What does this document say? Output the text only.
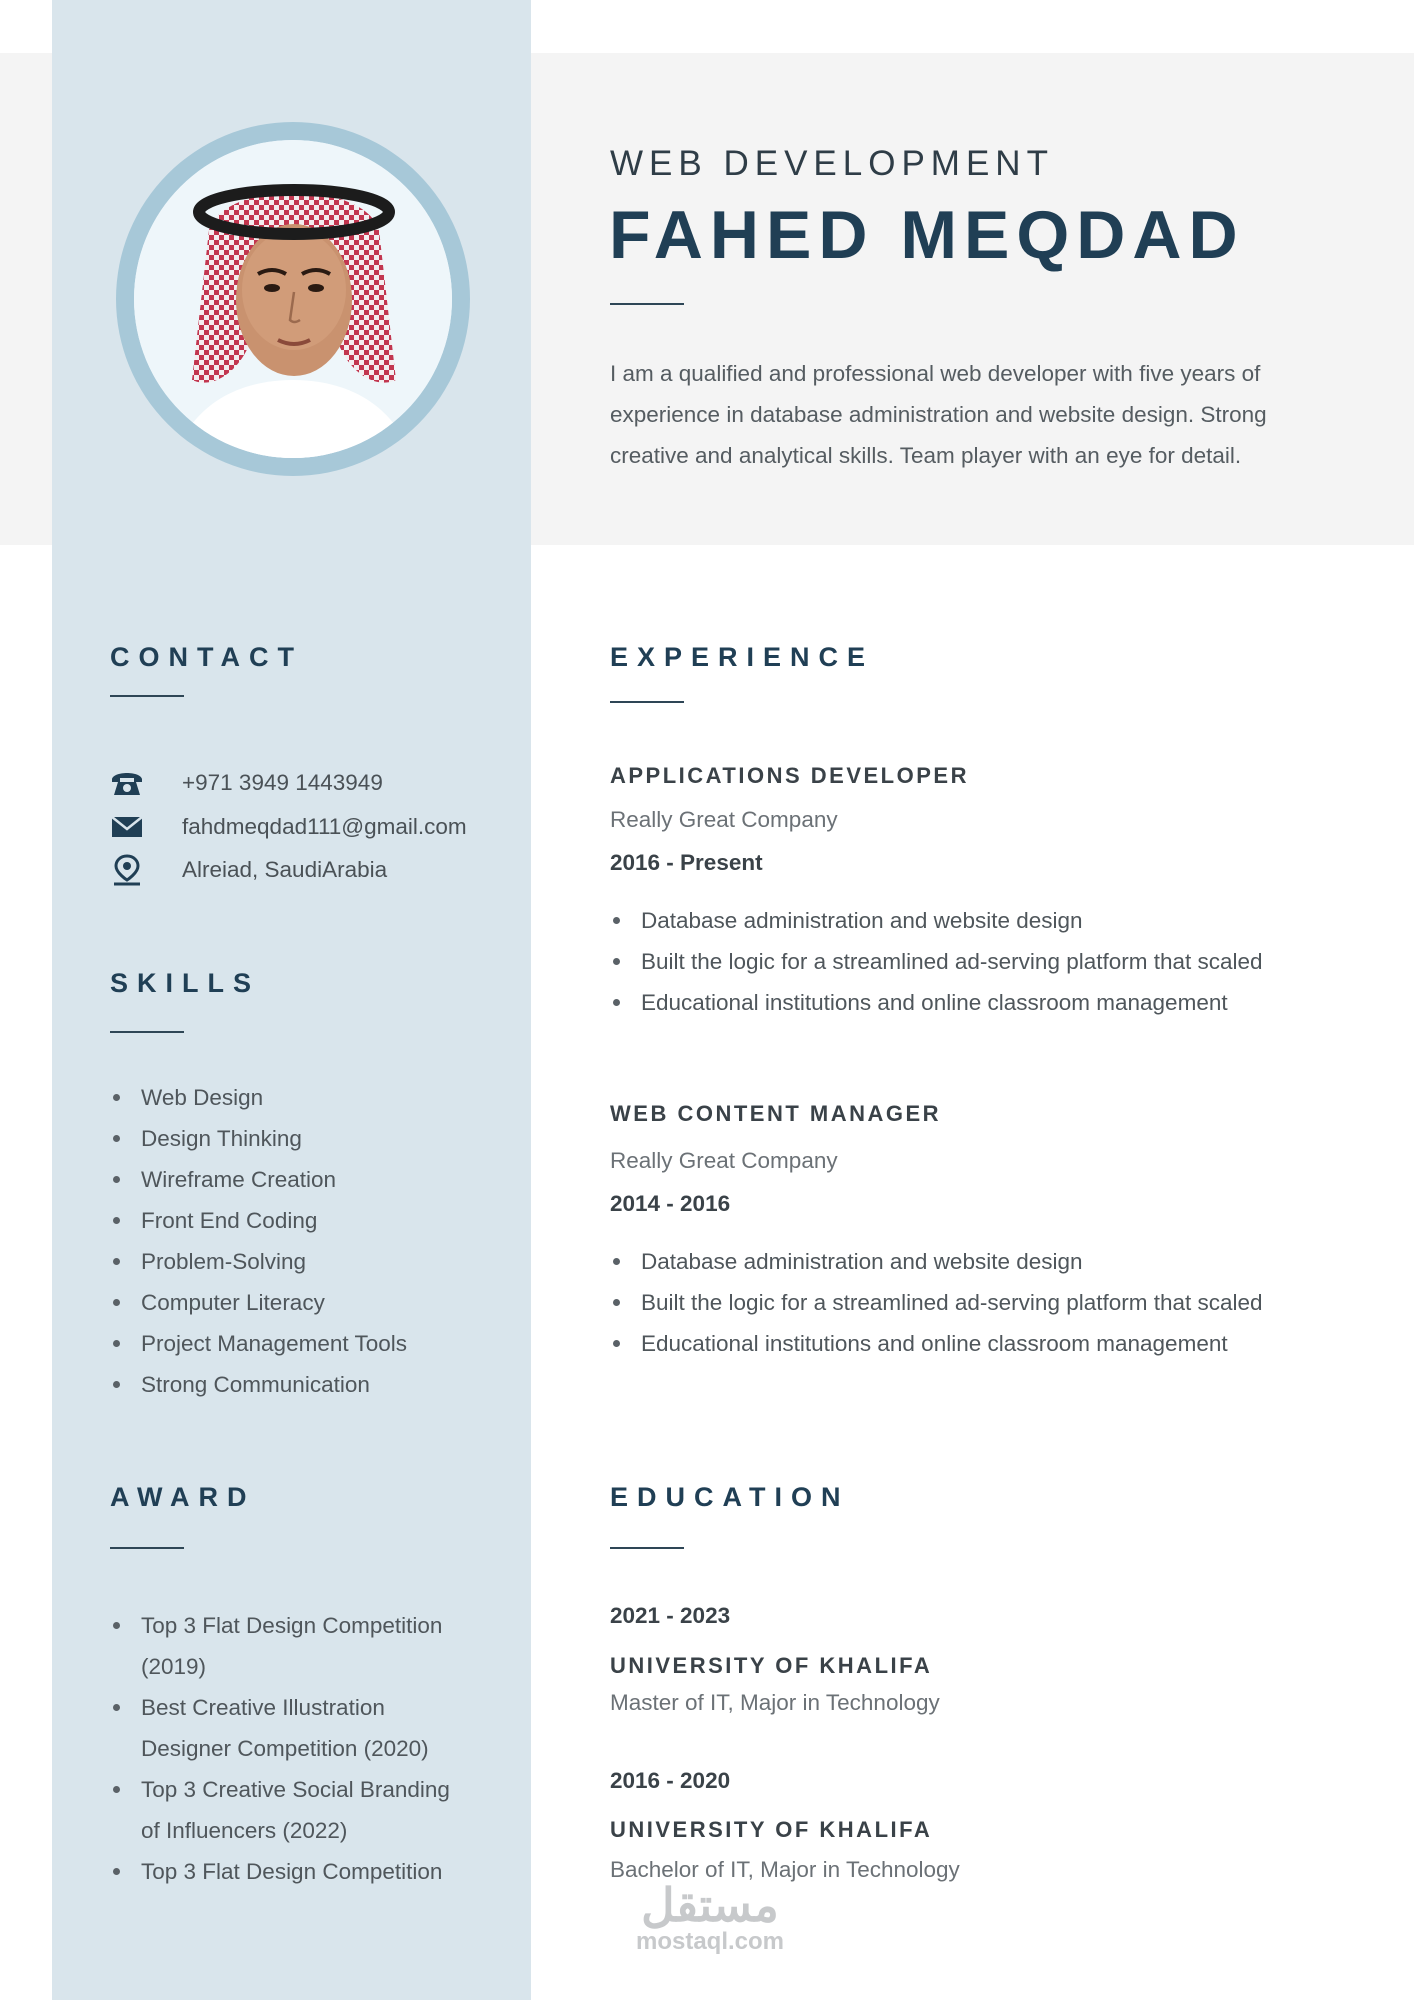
WEB DEVELOPMENT
FAHED MEQDAD
I am a qualified and professional web developer with five years of experience in database administration and website design. Strong creative and analytical skills. Team player with an eye for detail.
CONTACT
+971 3949 1443949
fahdmeqdad111@gmail.com
Alreiad, SaudiArabia
SKILLS
Web Design
Design Thinking
Wireframe Creation
Front End Coding
Problem-Solving
Computer Literacy
Project Management Tools
Strong Communication
AWARD
Top 3 Flat Design Competition (2019)
Best Creative Illustration Designer Competition (2020)
Top 3 Creative Social Branding of Influencers (2022)
Top 3 Flat Design Competition
EXPERIENCE
APPLICATIONS DEVELOPER
Really Great Company
2016 - Present
Database administration and website design
Built the logic for a streamlined ad-serving platform that scaled
Educational institutions and online classroom management
WEB CONTENT MANAGER
Really Great Company
2014 - 2016
Database administration and website design
Built the logic for a streamlined ad-serving platform that scaled
Educational institutions and online classroom management
EDUCATION
2021 - 2023
UNIVERSITY OF KHALIFA
Master of IT, Major in Technology
2016 - 2020
UNIVERSITY OF KHALIFA
Bachelor of IT, Major in Technology
مستقل
mostaql.com
